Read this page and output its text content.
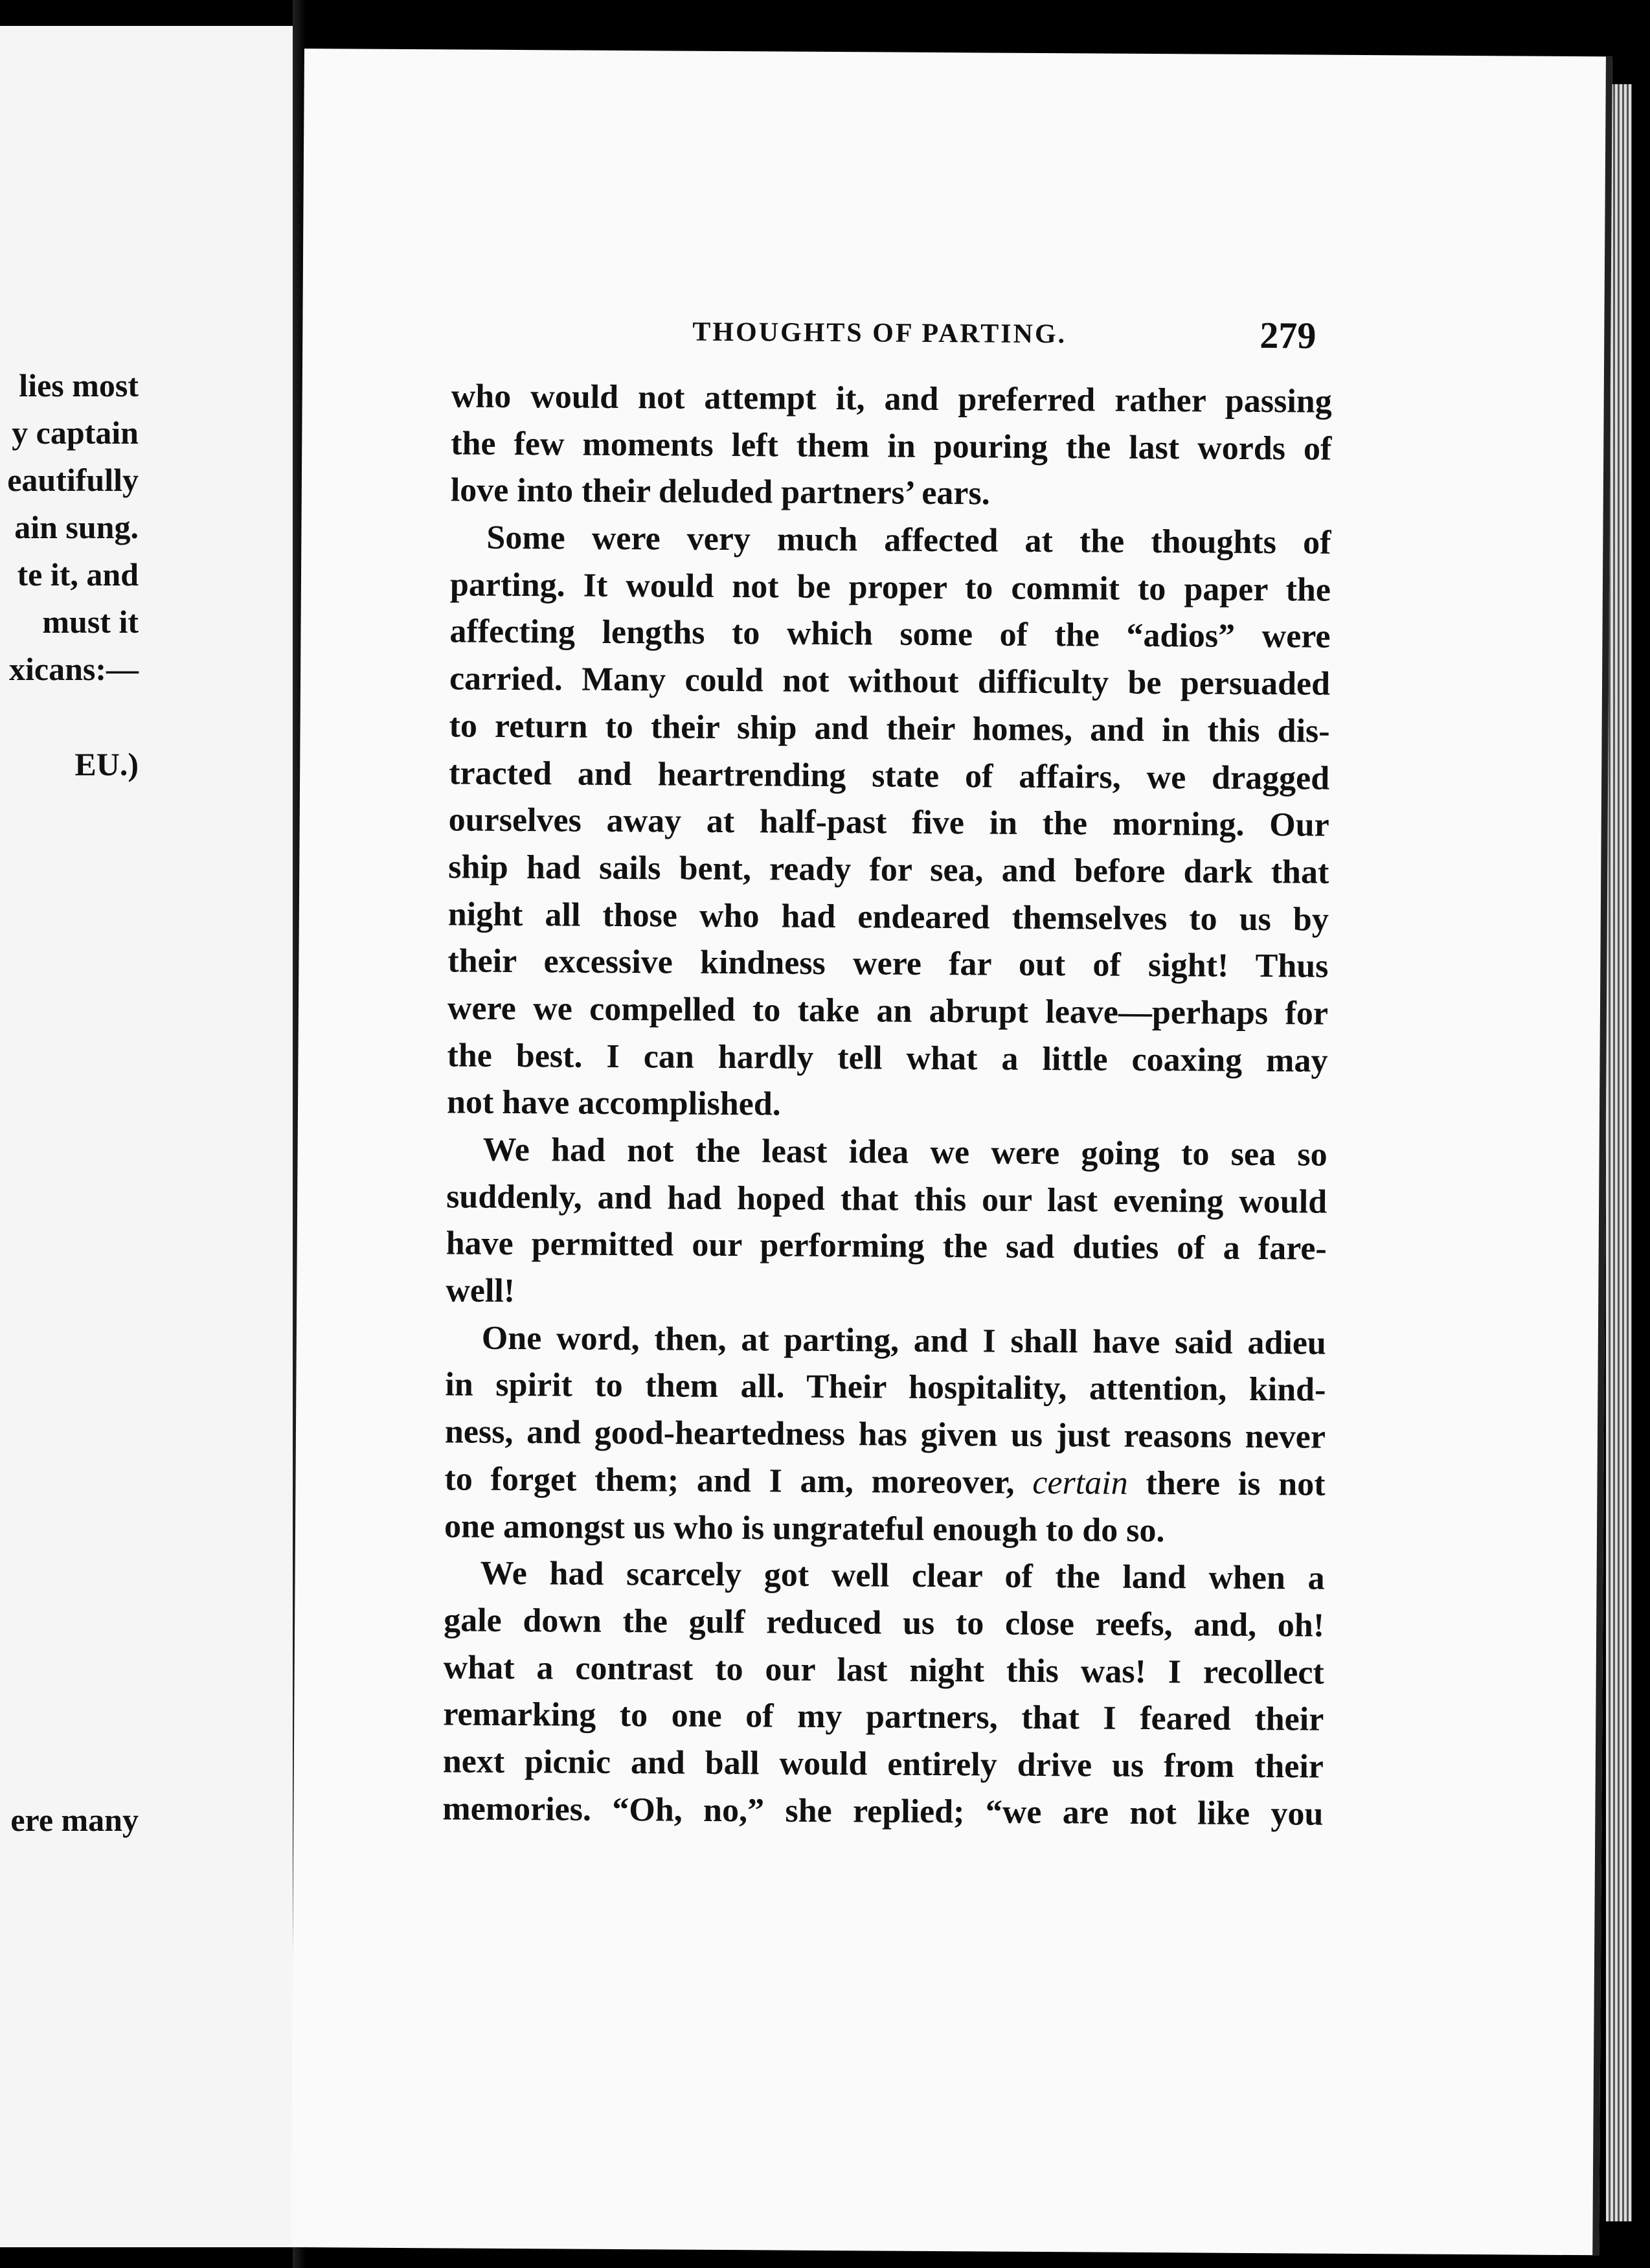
lies most
y captain
eautifully
ain sung.
te it, and
must it
xicans:—
EU.)
ere many
THOUGHTS OF PARTING.	279
who would not attempt it, and preferred rather passing
the few moments left them in pouring the last words of
love into their deluded partners’ ears.
Some were very much affected at the thoughts of
parting. It would not be proper to commit to paper the
affecting lengths to which some of the “adios” were
carried. Many could not without difficulty be persuaded
to return to their ship and their homes, and in this dis-
tracted and heartrending state of affairs, we dragged
ourselves away at half-past five in the morning. Our
ship had sails bent, ready for sea, and before dark that
night all those who had endeared themselves to us by
their excessive kindness were far out of sight! Thus
were we compelled to take an abrupt leave—perhaps for
the best. I can hardly tell what a little coaxing may
not have accomplished.
We had not the least idea we were going to sea so
suddenly, and had hoped that this our last evening would
have permitted our performing the sad duties of a fare-
well!
One word, then, at parting, and I shall have said adieu
in spirit to them all. Their hospitality, attention, kind-
ness, and good-heartedness has given us just reasons never
to forget them; and I am, moreover, certain there is not
one amongst us who is ungrateful enough to do so.
We had scarcely got well clear of the land when a
gale down the gulf reduced us to close reefs, and, oh!
what a contrast to our last night this was! I recollect
remarking to one of my partners, that I feared their
next picnic and ball would entirely drive us from their
memories. “Oh, no,” she replied; “we are not like you
